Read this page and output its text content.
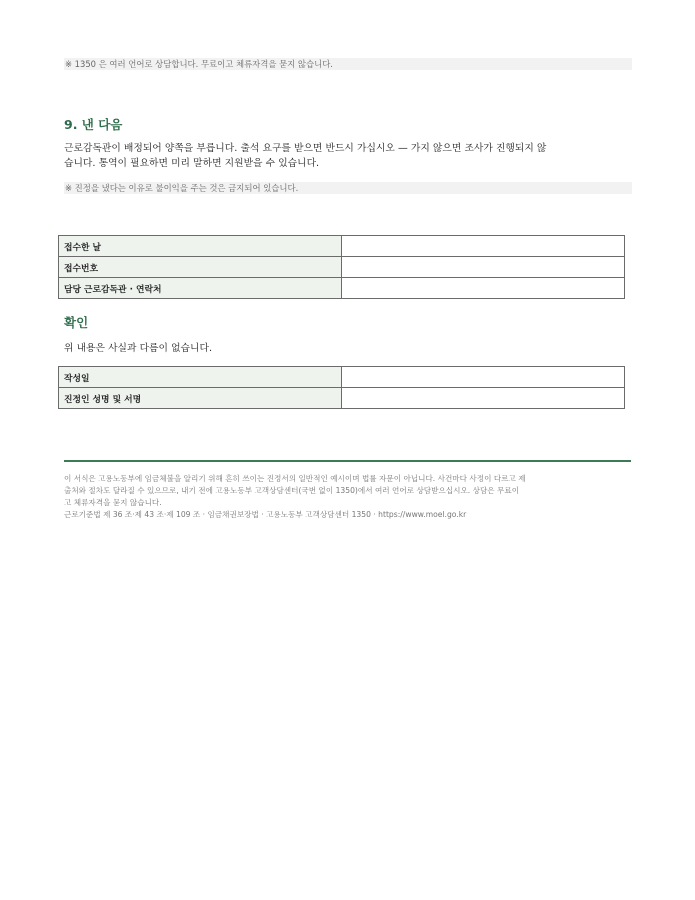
※ 1350 은 여러 언어로 상담합니다. 무료이고 체류자격을 묻지 않습니다.
9. 낸 다음
근로감독관이 배정되어 양쪽을 부릅니다. 출석 요구를 받으면 반드시 가십시오 — 가지 않으면 조사가 진행되지 않
습니다. 통역이 필요하면 미리 말하면 지원받을 수 있습니다.
※ 진정을 냈다는 이유로 불이익을 주는 것은 금지되어 있습니다.
접수한 날	
접수번호	
담당 근로감독관 · 연락처	
확인
위 내용은 사실과 다름이 없습니다.
작성일	
진정인 성명 및 서명	
이 서식은 고용노동부에 임금체불을 알리기 위해 흔히 쓰이는 진정서의 일반적인 예시이며 법률 자문이 아닙니다. 사건마다 사정이 다르고 제
출처와 절차도 달라질 수 있으므로, 내기 전에 고용노동부 고객상담센터(국번 없이 1350)에서 여러 언어로 상담받으십시오. 상담은 무료이
고 체류자격을 묻지 않습니다.
근로기준법 제 36 조·제 43 조·제 109 조 · 임금채권보장법 · 고용노동부 고객상담센터 1350 · https://www.moel.go.kr
